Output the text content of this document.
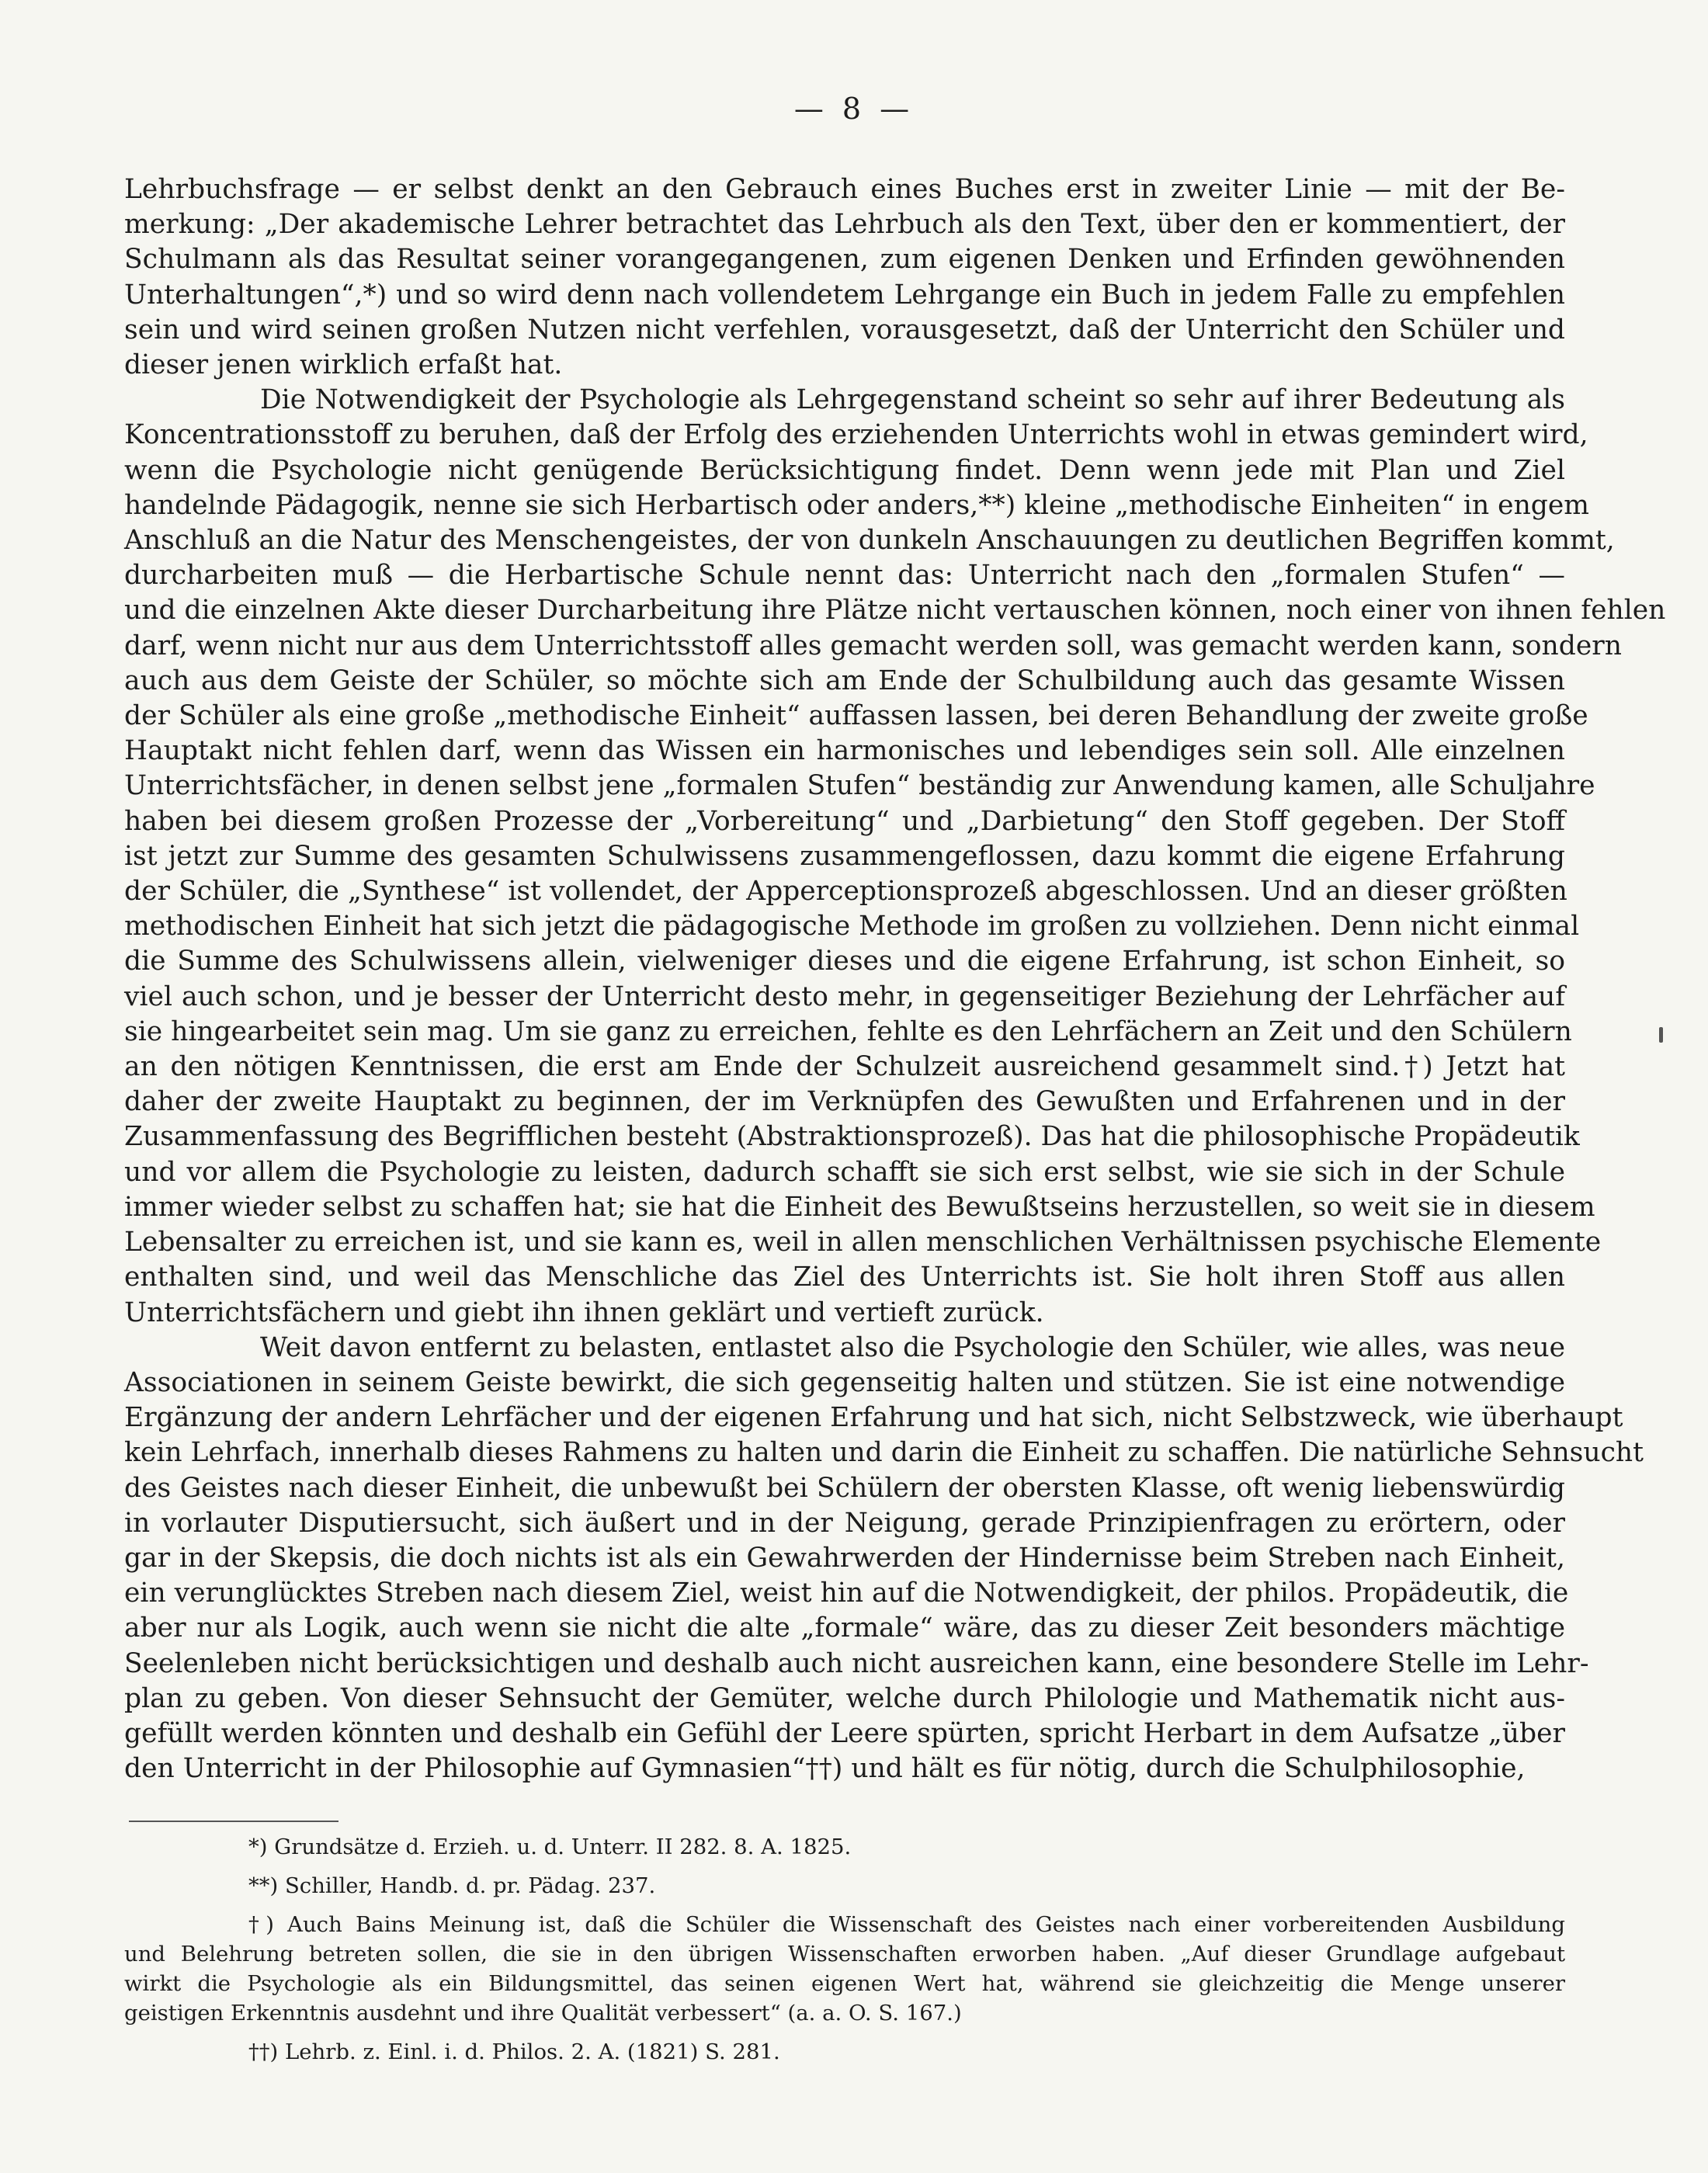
— 8 —

Lehrbuchsfrage — er selbst denkt an den Gebrauch eines Buches erst in zweiter Linie — mit der Be-
merkung: „Der akademische Lehrer betrachtet das Lehrbuch als den Text, über den er kommentiert, der
Schulmann als das Resultat seiner vorangegangenen, zum eigenen Denken und Erfinden gewöhnenden
Unterhaltungen“,*) und so wird denn nach vollendetem Lehrgange ein Buch in jedem Falle zu empfehlen
sein und wird seinen großen Nutzen nicht verfehlen, vorausgesetzt, daß der Unterricht den Schüler und
dieser jenen wirklich erfaßt hat.

Die Notwendigkeit der Psychologie als Lehrgegenstand scheint so sehr auf ihrer Bedeutung als
Koncentrationsstoff zu beruhen, daß der Erfolg des erziehenden Unterrichts wohl in etwas gemindert wird,
wenn die Psychologie nicht genügende Berücksichtigung findet. Denn wenn jede mit Plan und Ziel
handelnde Pädagogik, nenne sie sich Herbartisch oder anders,**) kleine „methodische Einheiten“ in engem
Anschluß an die Natur des Menschengeistes, der von dunkeln Anschauungen zu deutlichen Begriffen kommt,
durcharbeiten muß — die Herbartische Schule nennt das: Unterricht nach den „formalen Stufen“ —
und die einzelnen Akte dieser Durcharbeitung ihre Plätze nicht vertauschen können, noch einer von ihnen fehlen
darf, wenn nicht nur aus dem Unterrichtsstoff alles gemacht werden soll, was gemacht werden kann, sondern
auch aus dem Geiste der Schüler, so möchte sich am Ende der Schulbildung auch das gesamte Wissen
der Schüler als eine große „methodische Einheit“ auffassen lassen, bei deren Behandlung der zweite große
Hauptakt nicht fehlen darf, wenn das Wissen ein harmonisches und lebendiges sein soll. Alle einzelnen
Unterrichtsfächer, in denen selbst jene „formalen Stufen“ beständig zur Anwendung kamen, alle Schuljahre
haben bei diesem großen Prozesse der „Vorbereitung“ und „Darbietung“ den Stoff gegeben. Der Stoff
ist jetzt zur Summe des gesamten Schulwissens zusammengeflossen, dazu kommt die eigene Erfahrung
der Schüler, die „Synthese“ ist vollendet, der Apperceptionsprozeß abgeschlossen. Und an dieser größten
methodischen Einheit hat sich jetzt die pädagogische Methode im großen zu vollziehen. Denn nicht einmal
die Summe des Schulwissens allein, vielweniger dieses und die eigene Erfahrung, ist schon Einheit, so
viel auch schon, und je besser der Unterricht desto mehr, in gegenseitiger Beziehung der Lehrfächer auf
sie hingearbeitet sein mag. Um sie ganz zu erreichen, fehlte es den Lehrfächern an Zeit und den Schülern
an den nötigen Kenntnissen, die erst am Ende der Schulzeit ausreichend gesammelt sind.†) Jetzt hat
daher der zweite Hauptakt zu beginnen, der im Verknüpfen des Gewußten und Erfahrenen und in der
Zusammenfassung des Begrifflichen besteht (Abstraktionsprozeß). Das hat die philosophische Propädeutik
und vor allem die Psychologie zu leisten, dadurch schafft sie sich erst selbst, wie sie sich in der Schule
immer wieder selbst zu schaffen hat; sie hat die Einheit des Bewußtseins herzustellen, so weit sie in diesem
Lebensalter zu erreichen ist, und sie kann es, weil in allen menschlichen Verhältnissen psychische Elemente
enthalten sind, und weil das Menschliche das Ziel des Unterrichts ist. Sie holt ihren Stoff aus allen
Unterrichtsfächern und giebt ihn ihnen geklärt und vertieft zurück.

Weit davon entfernt zu belasten, entlastet also die Psychologie den Schüler, wie alles, was neue
Associationen in seinem Geiste bewirkt, die sich gegenseitig halten und stützen. Sie ist eine notwendige
Ergänzung der andern Lehrfächer und der eigenen Erfahrung und hat sich, nicht Selbstzweck, wie überhaupt
kein Lehrfach, innerhalb dieses Rahmens zu halten und darin die Einheit zu schaffen. Die natürliche Sehnsucht
des Geistes nach dieser Einheit, die unbewußt bei Schülern der obersten Klasse, oft wenig liebenswürdig
in vorlauter Disputiersucht, sich äußert und in der Neigung, gerade Prinzipienfragen zu erörtern, oder
gar in der Skepsis, die doch nichts ist als ein Gewahrwerden der Hindernisse beim Streben nach Einheit,
ein verunglücktes Streben nach diesem Ziel, weist hin auf die Notwendigkeit, der philos. Propädeutik, die
aber nur als Logik, auch wenn sie nicht die alte „formale“ wäre, das zu dieser Zeit besonders mächtige
Seelenleben nicht berücksichtigen und deshalb auch nicht ausreichen kann, eine besondere Stelle im Lehr-
plan zu geben. Von dieser Sehnsucht der Gemüter, welche durch Philologie und Mathematik nicht aus-
gefüllt werden könnten und deshalb ein Gefühl der Leere spürten, spricht Herbart in dem Aufsatze „über
den Unterricht in der Philosophie auf Gymnasien“††) und hält es für nötig, durch die Schulphilosophie,

*) Grundsätze d. Erzieh. u. d. Unterr. II 282. 8. A. 1825.
**) Schiller, Handb. d. pr. Pädag. 237.
†) Auch Bains Meinung ist, daß die Schüler die Wissenschaft des Geistes nach einer vorbereitenden Ausbildung
und Belehrung betreten sollen, die sie in den übrigen Wissenschaften erworben haben. „Auf dieser Grundlage aufgebaut
wirkt die Psychologie als ein Bildungsmittel, das seinen eigenen Wert hat, während sie gleichzeitig die Menge unserer
geistigen Erkenntnis ausdehnt und ihre Qualität verbessert“ (a. a. O. S. 167.)
††) Lehrb. z. Einl. i. d. Philos. 2. A. (1821) S. 281.
